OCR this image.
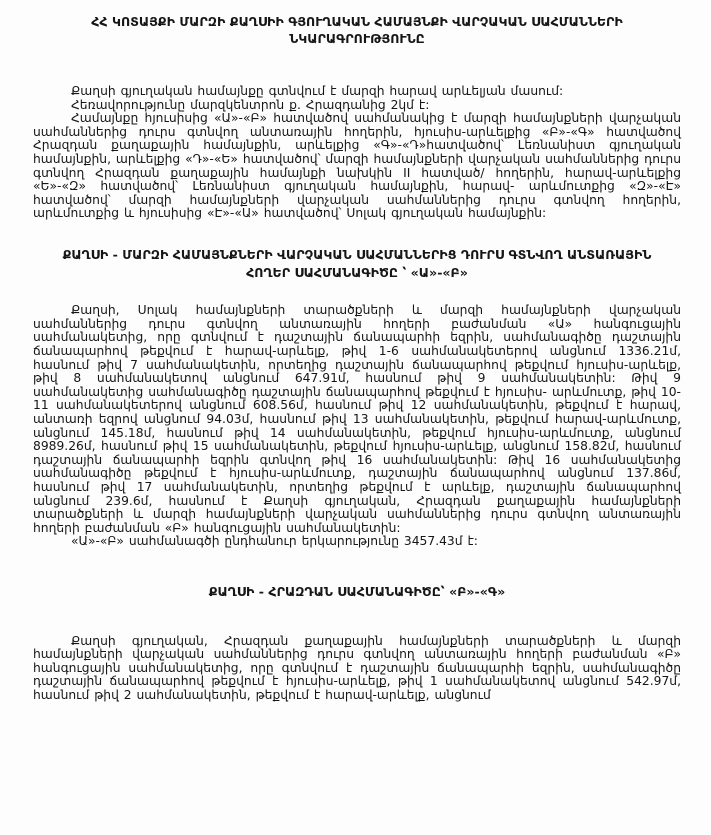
ՀՀ ԿՈՏԱՅՔԻ ՄԱՐԶԻ ՔԱՂՍԻԻ ԳՅՈՒՂԱԿԱՆ ՀԱՄԱՅՆՔԻ ՎԱՐՉԱԿԱՆ ՍԱՀՄԱՆՆԵՐԻ ՆԿԱՐԱԳՐՈՒԹՅՈՒՆԸ

Քաղսի գյուղական համայնքը գտնվում է մարզի հարավ արևելյան մասում:

Հեռավորությունը մարզկենտրոն ք. Հրազդանից 2կմ է:

Համայնքը հյուսիսից «Ա»-«Բ» հատվածով սահմանակից է մարզի համայնքների վարչական սահմաններից դուրս գտնվող անտառային հողերին, հյուսիս-արևելքից «Բ»-«Գ» հատվածով Հրազդան քաղաքային համայնքին, արևելքից «Գ»-«Դ»հատվածով՝ Լեռնանիստ գյուղական համայնքին, արևելքից «Դ»-«Ե» հատվածով՝ մարզի համայնքների վարչական սահմաններից դուրս գտնվող Հրազդան քաղաքային համայնքի նախկին II հատված/ հողերին, հարավ-արևելքից «Ե»-«Զ» հատվածով՝ Լեռնանիստ գյուղական համայնքին, հարավ- արևմուտքից «Զ»-«Է» հատվածով՝ մարզի համայնքների վարչական սահմաններից դուրս գտնվող հողերին, արևմուտքից և հյուսիսից «Է»-«Ա» հատվածով՝ Սոլակ գյուղական համայնքին:

ՔԱՂՍԻ - ՄԱՐԶԻ ՀԱՄԱՅՆՔՆԵՐԻ ՎԱՐՉԱԿԱՆ ՍԱՀՄԱՆՆԵՐԻՑ ԴՈՒՐՍ ԳՏՆՎՈՂ ԱՆՏԱՌԱՅԻՆ ՀՈՂԵՐ ՍԱՀՄԱՆԱԳԻԾԸ ՝ «Ա»-«Բ»

Քաղսի, Սոլակ համայնքների տարածքների և մարզի համայնքների վարչական սահմաններից դուրս գտնվող անտառային հողերի բաժանման «Ա» հանգուցային սահմանակետից, որը գտնվում է դաշտային ճանապարհի եզրին, սահմանագիծը դաշտային ճանապարհով թեքվում է հարավ-արևելք, թիվ 1-6 սահմանակետերով անցնում 1336.21մ, հասնում թիվ 7 սահմանակետին, որտեղից դաշտային ճանապարհով թեքվում հյուսիս-արևելք, թիվ 8 սահմանակետով անցնում 647.91մ, հասնում թիվ 9 սահմանակետին: Թիվ 9 սահմանակետից սահմանագիծը դաշտային ճանապարհով թեքվում է հյուսիս- արևմուտք, թիվ 10-11 սահմանակետերով անցնում 608.56մ, հասնում թիվ 12 սահմանակետին, թեքվում է հարավ, անտառի եզրով անցնում 94.03մ, հասնում թիվ 13 սահմանակետին, թեքվում հարավ-արևմուտք, անցնում 145.18մ, հասնում թիվ 14 սահմանակետին, թեքվում հյուսիս-արևմուտք, անցնում 8989.26մ, հասնում թիվ 15 սահմանակետին, թեքվում հյուսիս-արևելք, անցնում 158.82մ, հասնում դաշտային ճանապարհի եզրին գտնվող թիվ 16 սահմանակետին: Թիվ 16 սահմանակետից սահմանագիծը թեքվում է հյուսիս-արևմուտք, դաշտային ճանապարհով անցնում 137.86մ, հասնում թիվ 17 սահմանակետին, որտեղից թեքվում է արևելք, դաշտային ճանապարհով անցնում 239.6մ, հասնում է Քաղսի գյուղական, Հրազդան քաղաքային համայնքների տարածքների և մարզի համայնքների վարչական սահմաններից դուրս գտնվող անտառային հողերի բաժանման «Բ» հանգուցային սահմանակետին:

«Ա»-«Բ» սահմանագծի ընդհանուր երկարությունը 3457.43մ է:

ՔԱՂՍԻ - ՀՐԱԶԴԱՆ ՍԱՀՄԱՆԱԳԻԾԸ՝ «Բ»-«Գ»

Քաղսի գյուղական, Հրազդան քաղաքային համայնքների տարածքների և մարզի համայնքների վարչական սահմաններից դուրս գտնվող անտառային հողերի բաժանման «Բ» հանգուցային սահմանակետից, որը գտնվում է դաշտային ճանապարհի եզրին, սահմանագիծը դաշտային ճանապարհով թեքվում է հյուսիս-արևելք, թիվ 1 սահմանակետով անցնում 542.97մ, հասնում թիվ 2 սահմանակետին, թեքվում է հարավ-արևելք, անցնում
